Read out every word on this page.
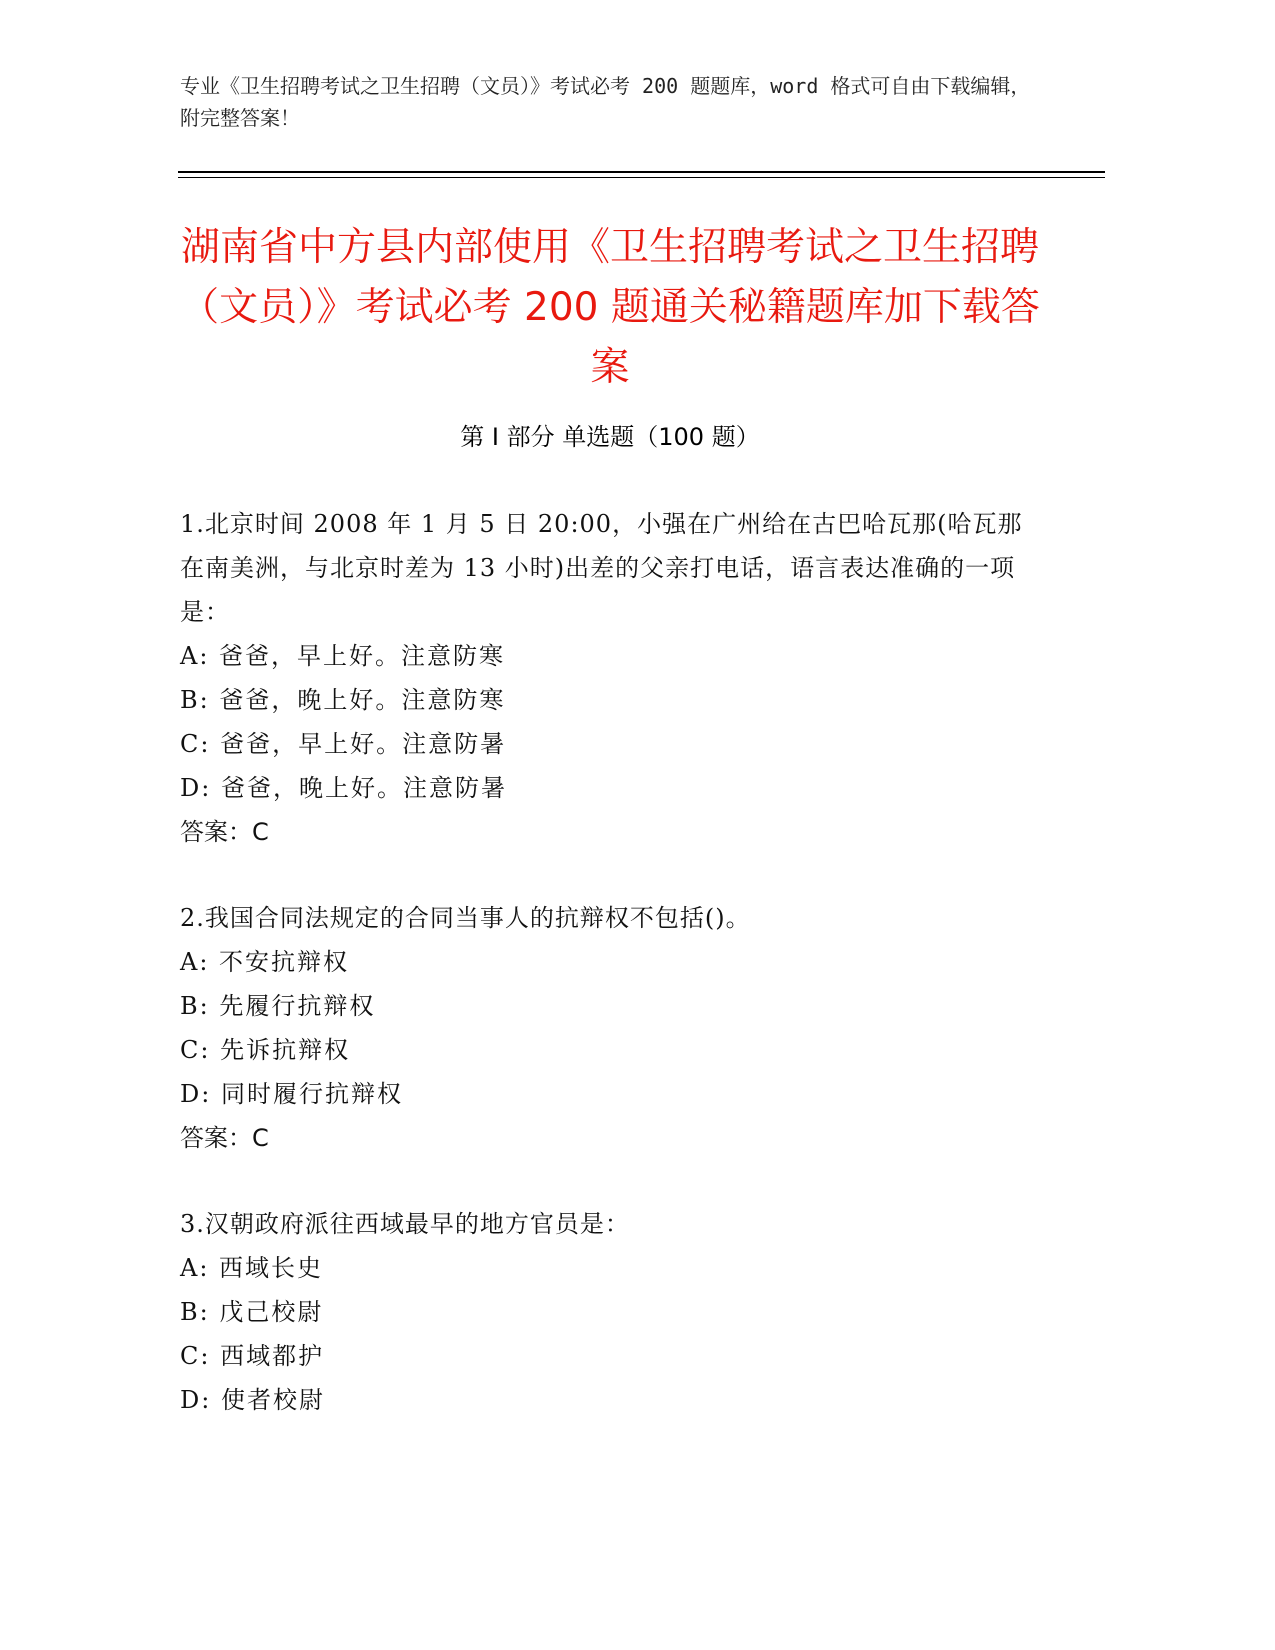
专业《卫生招聘考试之卫生招聘（文员）》考试必考 200 题题库，word 格式可自由下载编辑，附完整答案！
湖南省中方县内部使用《卫生招聘考试之卫生招聘（文员）》考试必考 200 题通关秘籍题库加下载答案
第 I 部分 单选题（100 题）

1.北京时间 2008 年 1 月 5 日 20:00，小强在广州给在古巴哈瓦那(哈瓦那在南美洲，与北京时差为 13 小时)出差的父亲打电话，语言表达准确的一项是：

A: 爸爸，早上好。注意防寒

B: 爸爸，晚上好。注意防寒

C: 爸爸，早上好。注意防暑

D: 爸爸，晚上好。注意防暑

答案：C

2.我国合同法规定的合同当事人的抗辩权不包括()。

A: 不安抗辩权

B: 先履行抗辩权

C: 先诉抗辩权

D: 同时履行抗辩权

答案：C

3.汉朝政府派往西域最早的地方官员是：

A: 西域长史

B: 戊己校尉

C: 西域都护

D: 使者校尉
